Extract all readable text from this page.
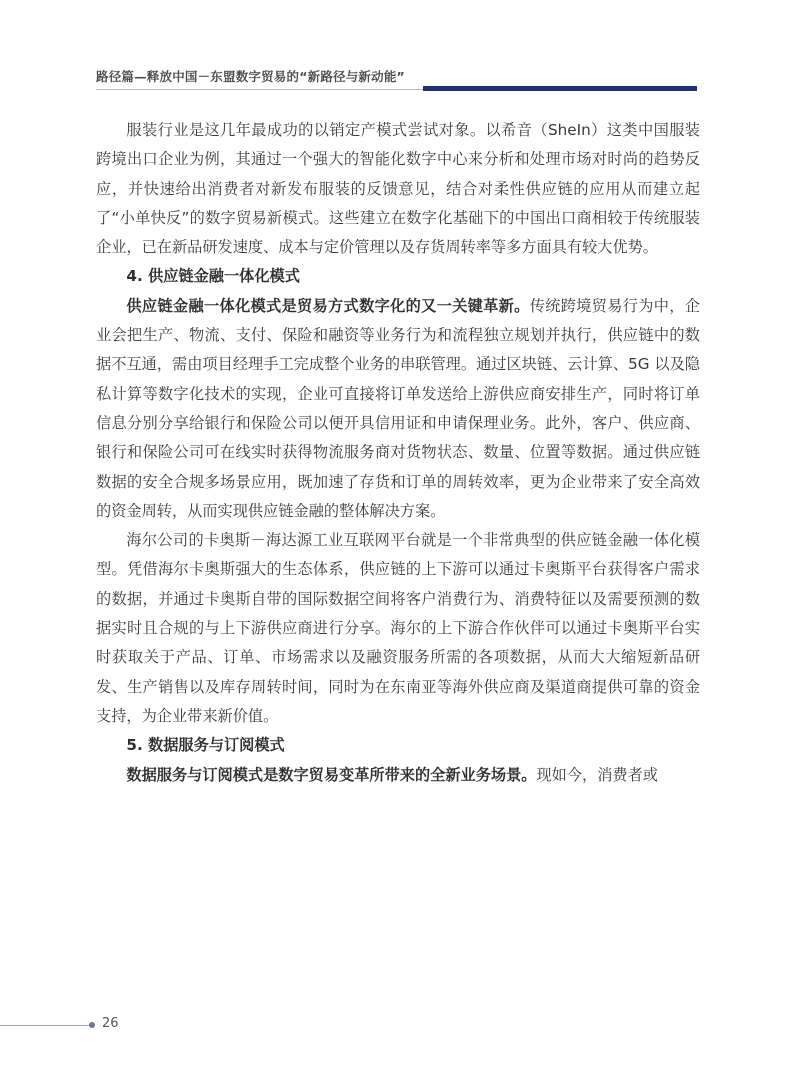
路径篇—释放中国－东盟数字贸易的“新路径与新动能”

服装行业是这几年最成功的以销定产模式尝试对象。以希音（SheIn）这类中国服装跨境出口企业为例，其通过一个强大的智能化数字中心来分析和处理市场对时尚的趋势反应，并快速给出消费者对新发布服装的反馈意见，结合对柔性供应链的应用从而建立起了“小单快反”的数字贸易新模式。这些建立在数字化基础下的中国出口商相较于传统服装企业，已在新品研发速度、成本与定价管理以及存货周转率等多方面具有较大优势。

4. 供应链金融一体化模式

供应链金融一体化模式是贸易方式数字化的又一关键革新。传统跨境贸易行为中，企业会把生产、物流、支付、保险和融资等业务行为和流程独立规划并执行，供应链中的数据不互通，需由项目经理手工完成整个业务的串联管理。通过区块链、云计算、5G 以及隐私计算等数字化技术的实现，企业可直接将订单发送给上游供应商安排生产，同时将订单信息分别分享给银行和保险公司以便开具信用证和申请保理业务。此外，客户、供应商、银行和保险公司可在线实时获得物流服务商对货物状态、数量、位置等数据。通过供应链数据的安全合规多场景应用，既加速了存货和订单的周转效率，更为企业带来了安全高效的资金周转，从而实现供应链金融的整体解决方案。

海尔公司的卡奥斯－海达源工业互联网平台就是一个非常典型的供应链金融一体化模型。凭借海尔卡奥斯强大的生态体系，供应链的上下游可以通过卡奥斯平台获得客户需求的数据，并通过卡奥斯自带的国际数据空间将客户消费行为、消费特征以及需要预测的数据实时且合规的与上下游供应商进行分享。海尔的上下游合作伙伴可以通过卡奥斯平台实时获取关于产品、订单、市场需求以及融资服务所需的各项数据，从而大大缩短新品研发、生产销售以及库存周转时间，同时为在东南亚等海外供应商及渠道商提供可靠的资金支持，为企业带来新价值。

5. 数据服务与订阅模式

数据服务与订阅模式是数字贸易变革所带来的全新业务场景。现如今，消费者或

26
